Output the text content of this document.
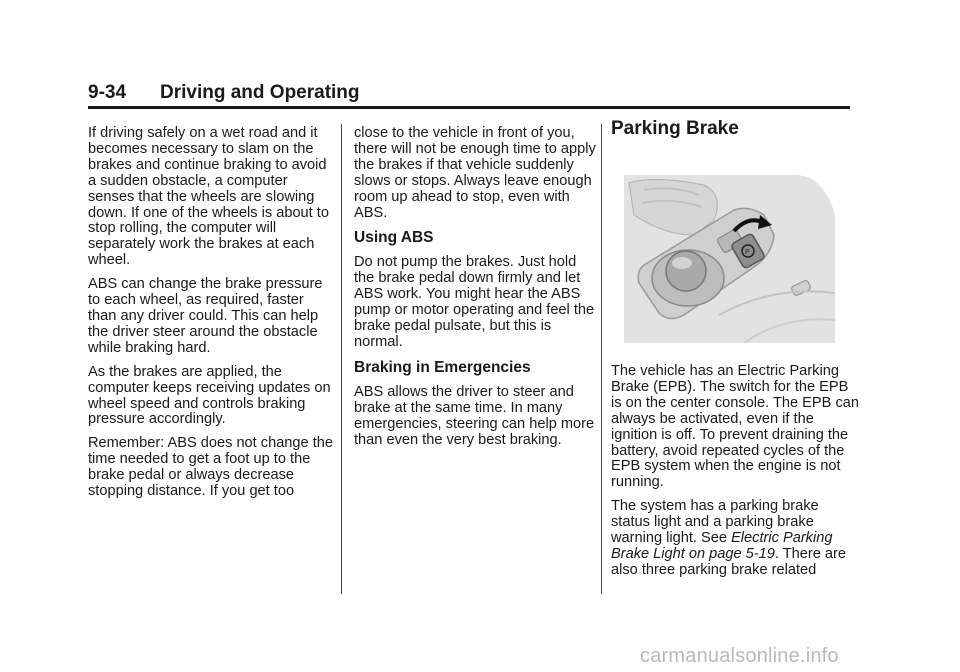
9-34 Driving and Operating

If driving safely on a wet road and it becomes necessary to slam on the brakes and continue braking to avoid a sudden obstacle, a computer senses that the wheels are slowing down. If one of the wheels is about to stop rolling, the computer will separately work the brakes at each wheel.

ABS can change the brake pressure to each wheel, as required, faster than any driver could. This can help the driver steer around the obstacle while braking hard.

As the brakes are applied, the computer keeps receiving updates on wheel speed and controls braking pressure accordingly.

Remember: ABS does not change the time needed to get a foot up to the brake pedal or always decrease stopping distance. If you get too

close to the vehicle in front of you, there will not be enough time to apply the brakes if that vehicle suddenly slows or stops. Always leave enough room up ahead to stop, even with ABS.

Using ABS

Do not pump the brakes. Just hold the brake pedal down firmly and let ABS work. You might hear the ABS pump or motor operating and feel the brake pedal pulsate, but this is normal.

Braking in Emergencies

ABS allows the driver to steer and brake at the same time. In many emergencies, steering can help more than even the very best braking.

Parking Brake
P

The vehicle has an Electric Parking Brake (EPB). The switch for the EPB is on the center console. The EPB can always be activated, even if the ignition is off. To prevent draining the battery, avoid repeated cycles of the EPB system when the engine is not running.

The system has a parking brake status light and a parking brake warning light. See Electric Parking Brake Light on page 5-19. There are also three parking brake related

carmanualsonline.info
